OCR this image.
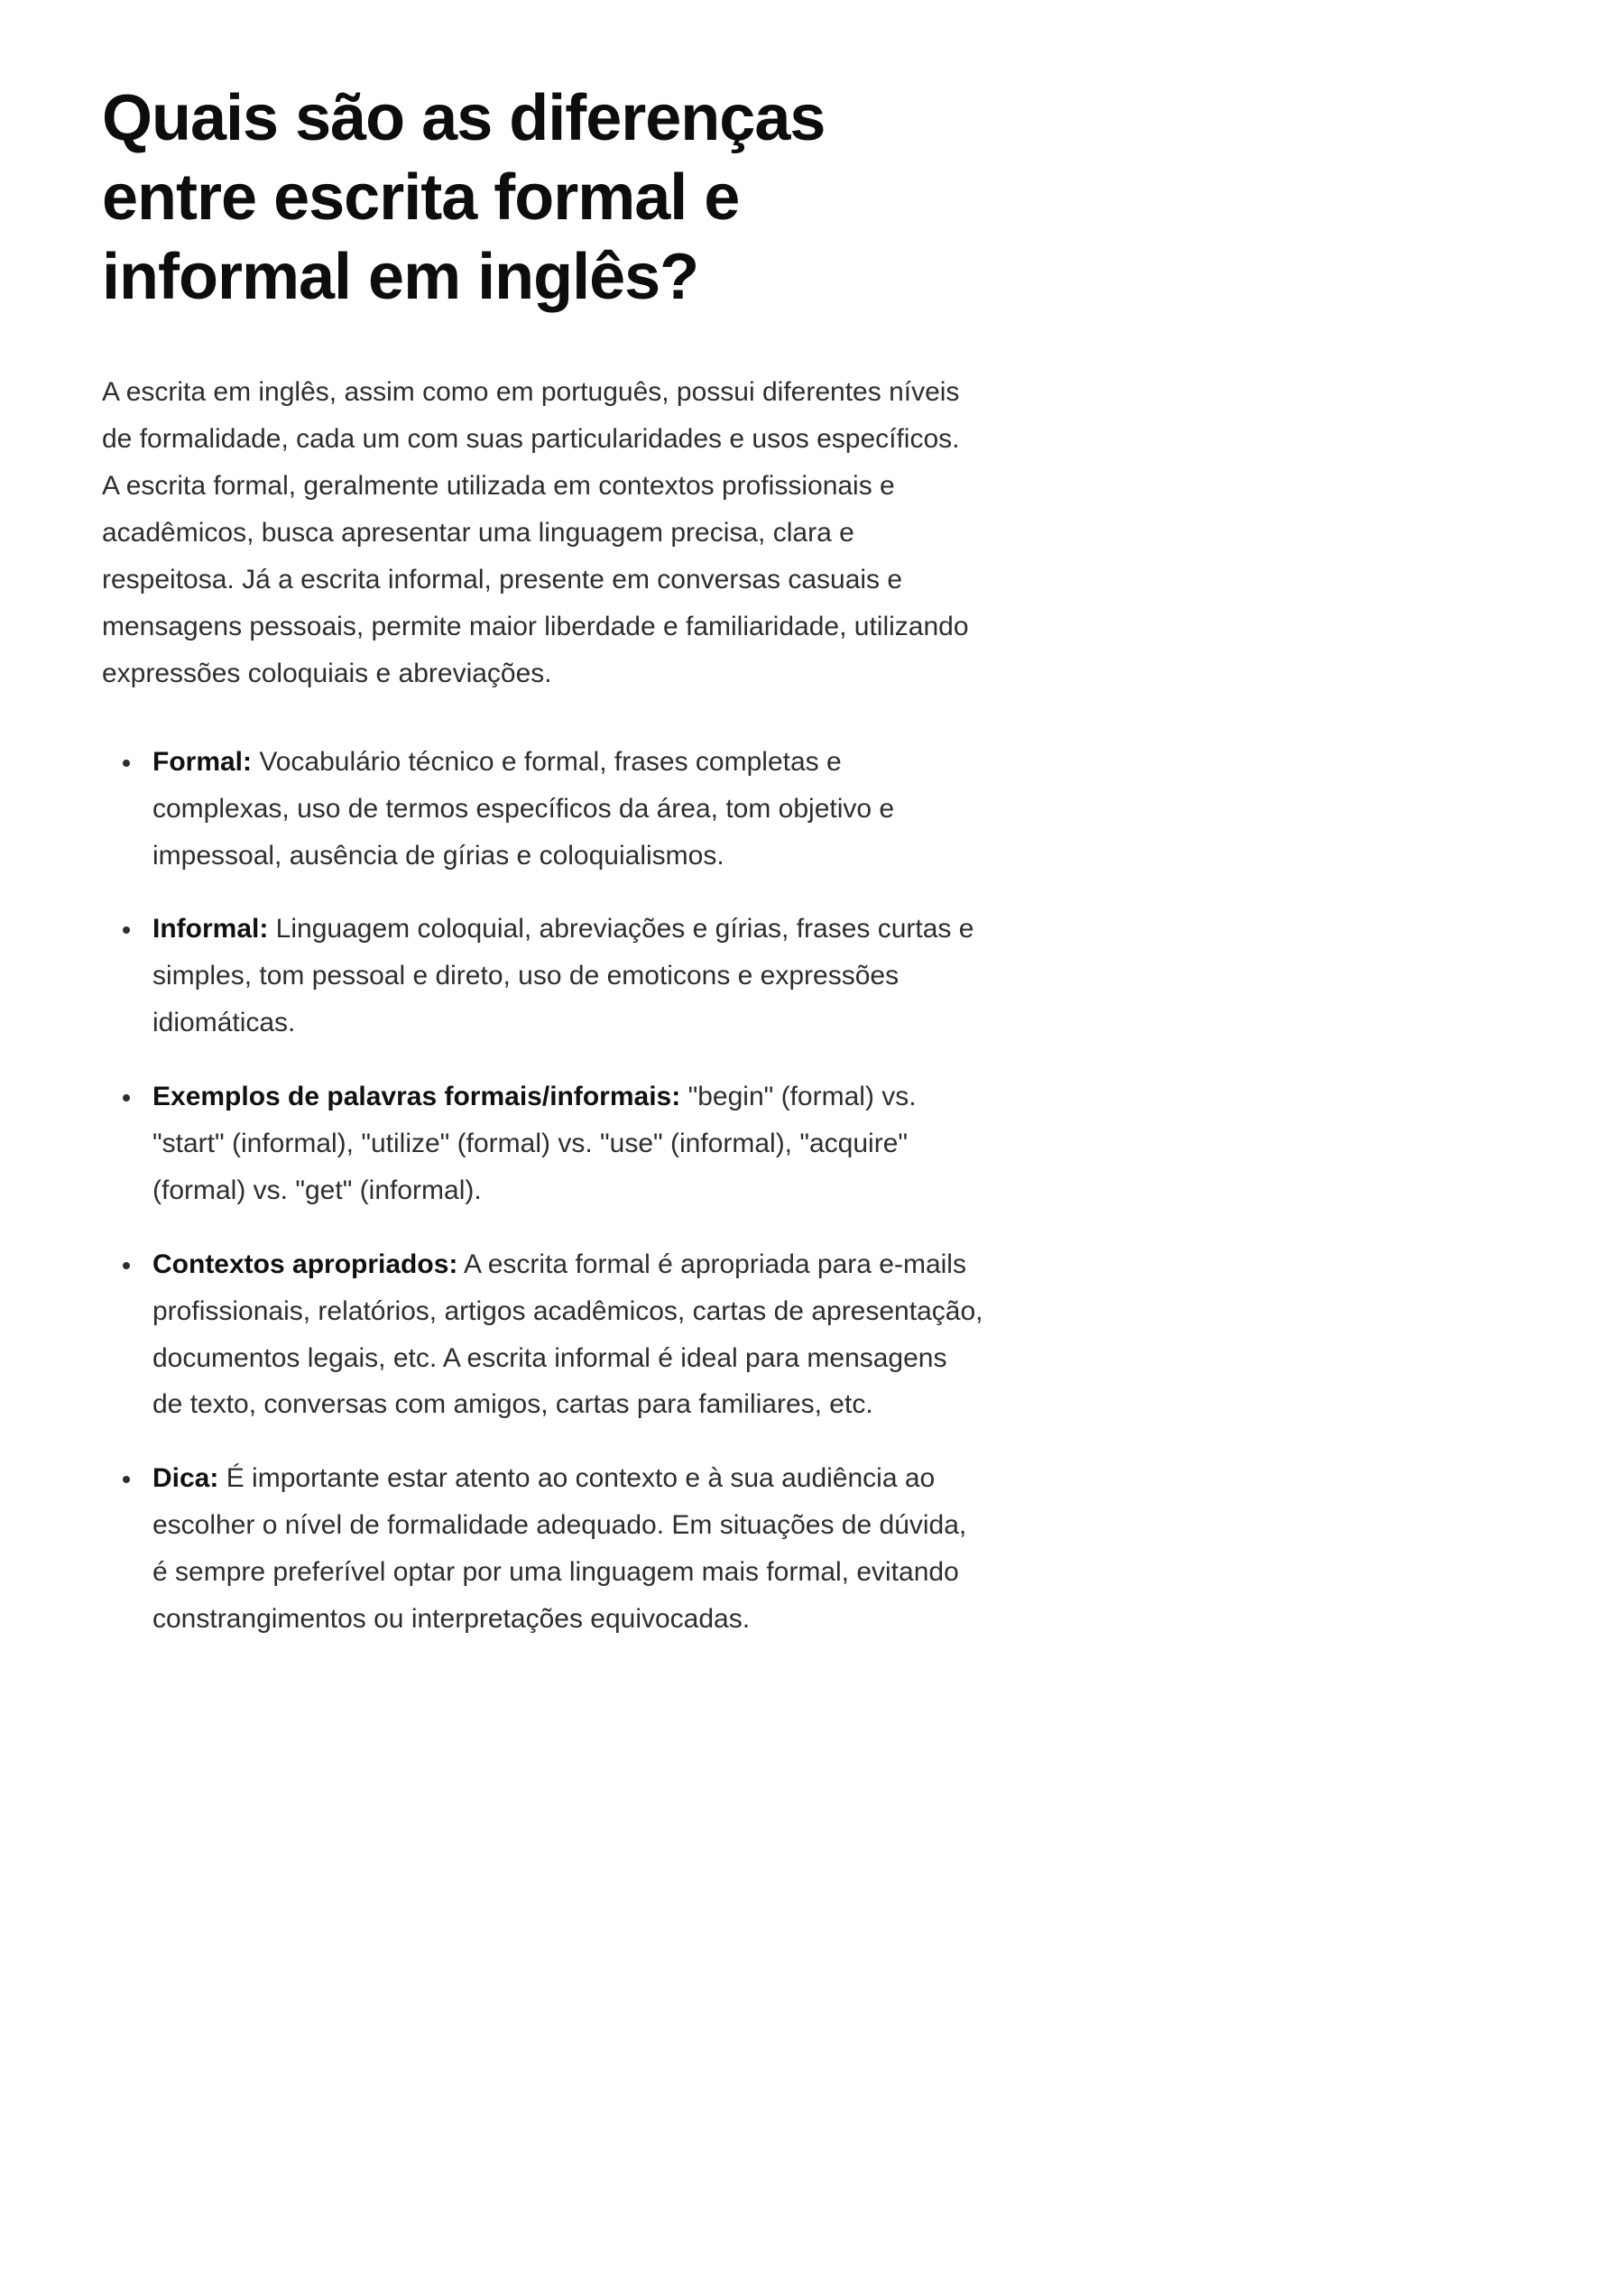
Quais são as diferenças entre escrita formal e informal em inglês?

A escrita em inglês, assim como em português, possui diferentes níveis de formalidade, cada um com suas particularidades e usos específicos. A escrita formal, geralmente utilizada em contextos profissionais e acadêmicos, busca apresentar uma linguagem precisa, clara e respeitosa. Já a escrita informal, presente em conversas casuais e mensagens pessoais, permite maior liberdade e familiaridade, utilizando expressões coloquiais e abreviações.

• Formal: Vocabulário técnico e formal, frases completas e complexas, uso de termos específicos da área, tom objetivo e impessoal, ausência de gírias e coloquialismos.
• Informal: Linguagem coloquial, abreviações e gírias, frases curtas e simples, tom pessoal e direto, uso de emoticons e expressões idiomáticas.
• Exemplos de palavras formais/informais: "begin" (formal) vs. "start" (informal), "utilize" (formal) vs. "use" (informal), "acquire" (formal) vs. "get" (informal).
• Contextos apropriados: A escrita formal é apropriada para e-mails profissionais, relatórios, artigos acadêmicos, cartas de apresentação, documentos legais, etc. A escrita informal é ideal para mensagens de texto, conversas com amigos, cartas para familiares, etc.
• Dica: É importante estar atento ao contexto e à sua audiência ao escolher o nível de formalidade adequado. Em situações de dúvida, é sempre preferível optar por uma linguagem mais formal, evitando constrangimentos ou interpretações equivocadas.
